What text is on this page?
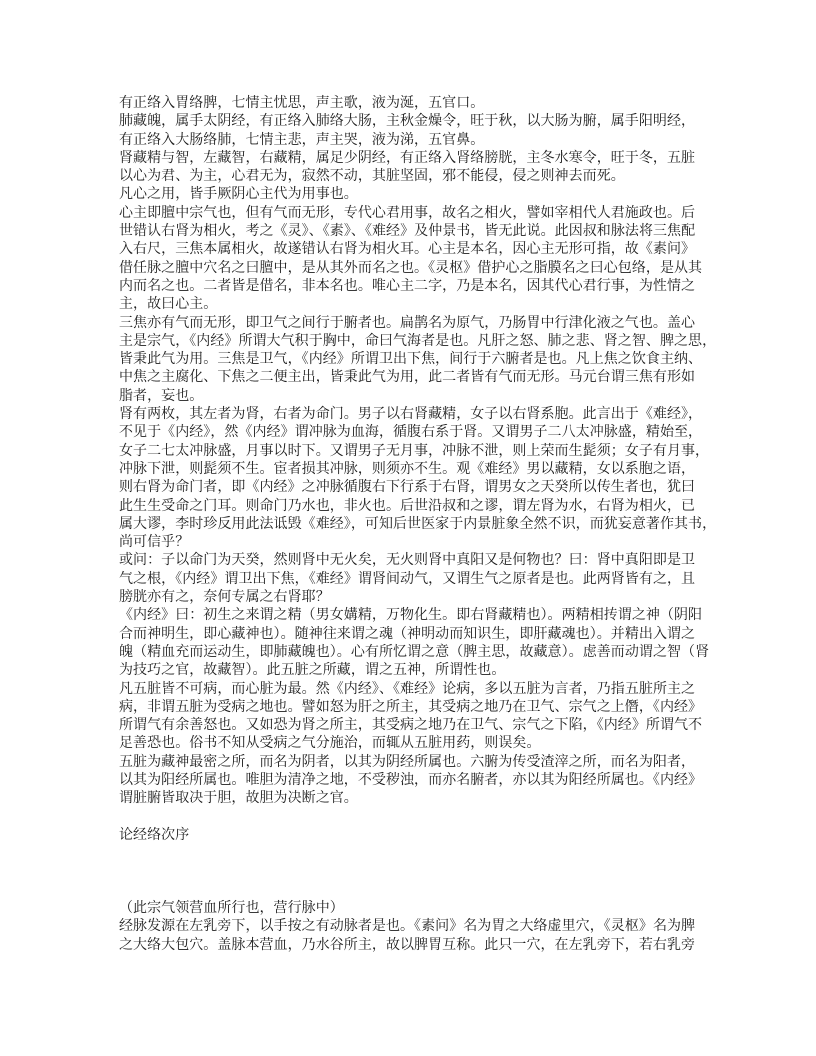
有正络入胃络脾，七情主忧思，声主歌，液为涎，五官口。
肺藏魄，属手太阴经，有正络入肺络大肠，主秋金燥令，旺于秋，以大肠为腑，属手阳明经，
有正络入大肠络肺，七情主悲，声主哭，液为涕，五官鼻。
肾藏精与智，左藏智，右藏精，属足少阴经，有正络入肾络膀胱，主冬水寒令，旺于冬，五脏
以心为君、为主，心君无为，寂然不动，其脏坚固，邪不能侵，侵之则神去而死。
凡心之用，皆手厥阴心主代为用事也。
心主即膻中宗气也，但有气而无形，专代心君用事，故名之相火，譬如宰相代人君施政也。后
世错认右肾为相火，考之《灵》、《素》、《难经》及仲景书，皆无此说。此因叔和脉法将三焦配
入右尺，三焦本属相火，故遂错认右肾为相火耳。心主是本名，因心主无形可指，故《素问》
借任脉之膻中穴名之曰膻中，是从其外而名之也。《灵枢》借护心之脂膜名之曰心包络，是从其
内而名之也。二者皆是借名，非本名也。唯心主二字，乃是本名，因其代心君行事，为性情之
主，故曰心主。
三焦亦有气而无形，即卫气之间行于腑者也。扁鹊名为原气，乃肠胃中行津化液之气也。盖心
主是宗气，《内经》所谓大气积于胸中，命曰气海者是也。凡肝之怒、肺之悲、肾之智、脾之思，
皆秉此气为用。三焦是卫气，《内经》所谓卫出下焦，间行于六腑者是也。凡上焦之饮食主纳、
中焦之主腐化、下焦之二便主出，皆秉此气为用，此二者皆有气而无形。马元台谓三焦有形如
脂者，妄也。
肾有两枚，其左者为肾，右者为命门。男子以右肾藏精，女子以右肾系胞。此言出于《难经》，
不见于《内经》，然《内经》谓冲脉为血海，循腹右系于肾。又谓男子二八太冲脉盛，精始至，
女子二七太冲脉盛，月事以时下。又谓男子无月事，冲脉不泄，则上荣而生髭须；女子有月事，
冲脉下泄，则髭须不生。宦者损其冲脉，则须亦不生。观《难经》男以藏精，女以系胞之语，
则右肾为命门者，即《内经》之冲脉循腹右下行系于右肾，谓男女之天癸所以传生者也，犹曰
此生生受命之门耳。则命门乃水也，非火也。后世沿叔和之谬，谓左肾为水，右肾为相火，已
属大谬，李时珍反用此法诋毁《难经》，可知后世医家于内景脏象全然不识，而犹妄意著作其书，
尚可信乎？
或问：子以命门为天癸，然则肾中无火矣，无火则肾中真阳又是何物也？曰：肾中真阳即是卫
气之根，《内经》谓卫出下焦，《难经》谓肾间动气，又谓生气之原者是也。此两肾皆有之，且
膀胱亦有之，奈何专属之右肾耶？
《内经》曰：初生之来谓之精（男女媾精，万物化生。即右肾藏精也）。两精相抟谓之神（阴阳
合而神明生，即心藏神也）。随神往来谓之魂（神明动而知识生，即肝藏魂也）。并精出入谓之
魄（精血充而运动生，即肺藏魄也）。心有所忆谓之意（脾主思，故藏意）。虑善而动谓之智（肾
为技巧之官，故藏智）。此五脏之所藏，谓之五神，所谓性也。
凡五脏皆不可病，而心脏为最。然《内经》、《难经》论病，多以五脏为言者，乃指五脏所主之
病，非谓五脏为受病之地也。譬如怒为肝之所主，其受病之地乃在卫气、宗气之上僭，《内经》
所谓气有余善怒也。又如恐为肾之所主，其受病之地乃在卫气、宗气之下陷，《内经》所谓气不
足善恐也。俗书不知从受病之气分施治，而辄从五脏用药，则误矣。
五脏为藏神最密之所，而名为阴者，以其为阴经所属也。六腑为传受渣滓之所，而名为阳者，
以其为阳经所属也。唯胆为清净之地，不受秽浊，而亦名腑者，亦以其为阳经所属也。《内经》
谓脏腑皆取决于胆，故胆为决断之官。
论经络次序
（此宗气领营血所行也，营行脉中）
经脉发源在左乳旁下，以手按之有动脉者是也。《素问》名为胃之大络虚里穴，《灵枢》名为脾
之大络大包穴。盖脉本营血，乃水谷所主，故以脾胃互称。此只一穴，在左乳旁下，若右乳旁
